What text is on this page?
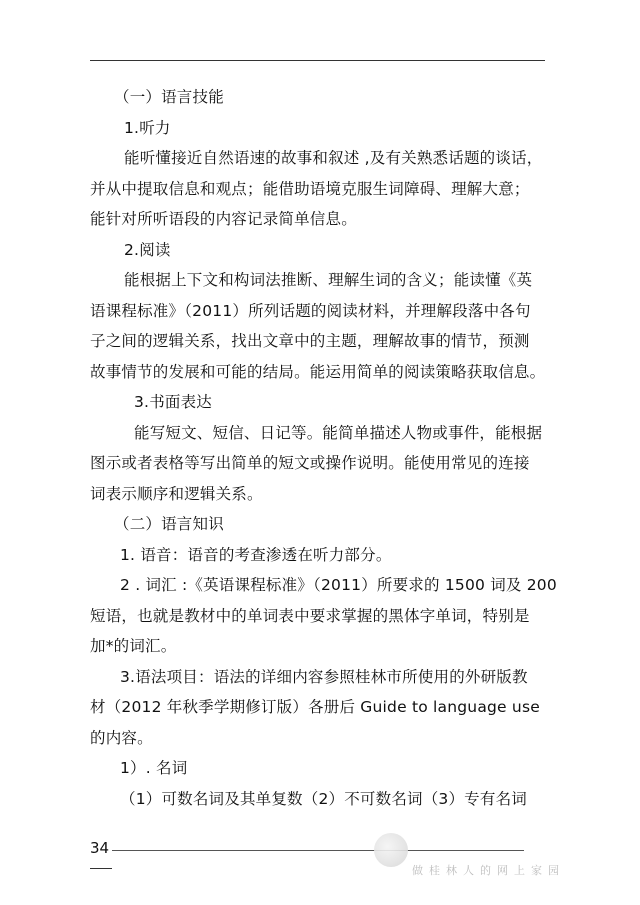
（一）语言技能
1.听力
能听懂接近自然语速的故事和叙述 ,及有关熟悉话题的谈话，
并从中提取信息和观点；能借助语境克服生词障碍、理解大意；
能针对所听语段的内容记录简单信息。
2.阅读
能根据上下文和构词法推断、理解生词的含义；能读懂《英
语课程标准》（2011）所列话题的阅读材料，并理解段落中各句
子之间的逻辑关系，找出文章中的主题，理解故事的情节，预测
故事情节的发展和可能的结局。能运用简单的阅读策略获取信息。
3.书面表达
能写短文、短信、日记等。能简单描述人物或事件，能根据
图示或者表格等写出简单的短文或操作说明。能使用常见的连接
词表示顺序和逻辑关系。
（二）语言知识
1. 语音：语音的考查渗透在听力部分。
2 . 词汇 :《英语课程标准》（2011）所要求的 1500 词及 200
短语，也就是教材中的单词表中要求掌握的黑体字单词，特别是
加*的词汇。
3.语法项目：语法的详细内容参照桂林市所使用的外研版教
材（2012 年秋季学期修订版）各册后 Guide to language use
的内容。
1）. 名词
（1）可数名词及其单复数（2）不可数名词（3）专有名词
34
做桂林人的网上家园
